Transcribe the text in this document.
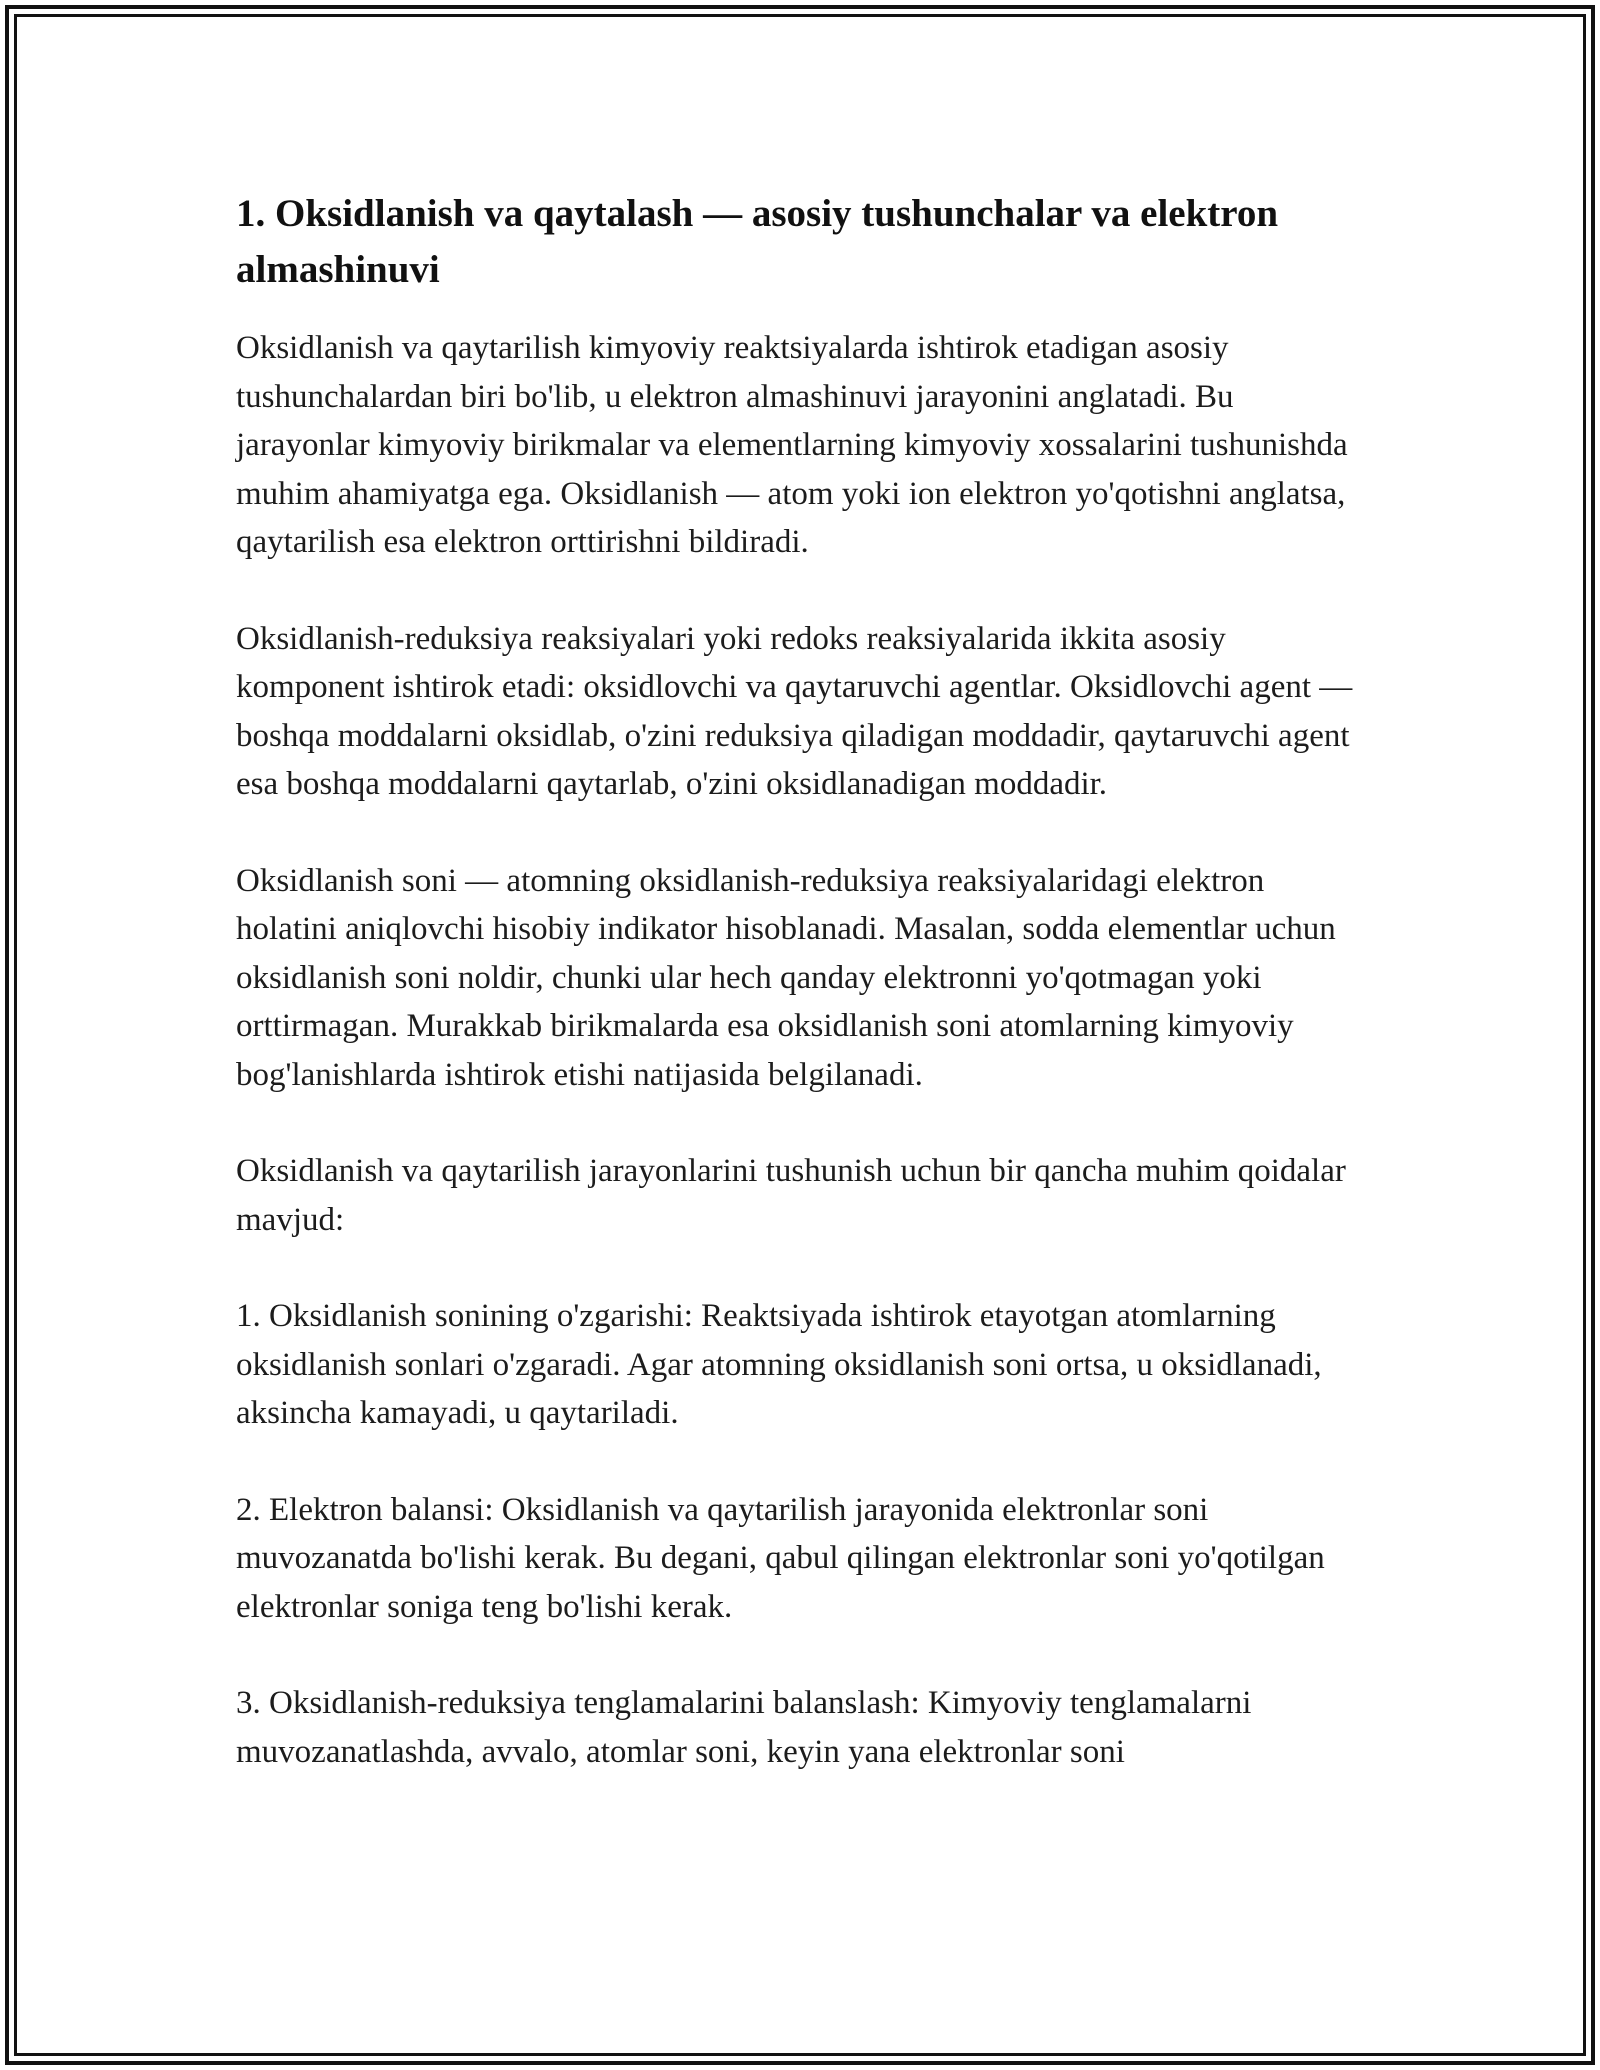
1. Oksidlanish va qaytalash — asosiy tushunchalar va elektron almashinuvi

Oksidlanish va qaytarilish kimyoviy reaktsiyalarda ishtirok etadigan asosiy tushunchalardan biri bo'lib, u elektron almashinuvi jarayonini anglatadi. Bu jarayonlar kimyoviy birikmalar va elementlarning kimyoviy xossalarini tushunishda muhim ahamiyatga ega. Oksidlanish — atom yoki ion elektron yo'qotishni anglatsa, qaytarilish esa elektron orttirishni bildiradi.

Oksidlanish-reduksiya reaksiyalari yoki redoks reaksiyalarida ikkita asosiy komponent ishtirok etadi: oksidlovchi va qaytaruvchi agentlar. Oksidlovchi agent — boshqa moddalarni oksidlab, o'zini reduksiya qiladigan moddadir, qaytaruvchi agent esa boshqa moddalarni qaytarlab, o'zini oksidlanadigan moddadir.

Oksidlanish soni — atomning oksidlanish-reduksiya reaksiyalaridagi elektron holatini aniqlovchi hisobiy indikator hisoblanadi. Masalan, sodda elementlar uchun oksidlanish soni noldir, chunki ular hech qanday elektronni yo'qotmagan yoki orttirmagan. Murakkab birikmalarda esa oksidlanish soni atomlarning kimyoviy bog'lanishlarda ishtirok etishi natijasida belgilanadi.

Oksidlanish va qaytarilish jarayonlarini tushunish uchun bir qancha muhim qoidalar mavjud:

1. Oksidlanish sonining o'zgarishi: Reaktsiyada ishtirok etayotgan atomlarning oksidlanish sonlari o'zgaradi. Agar atomning oksidlanish soni ortsa, u oksidlanadi, aksincha kamayadi, u qaytariladi.

2. Elektron balansi: Oksidlanish va qaytarilish jarayonida elektronlar soni muvozanatda bo'lishi kerak. Bu degani, qabul qilingan elektronlar soni yo'qotilgan elektronlar soniga teng bo'lishi kerak.

3. Oksidlanish-reduksiya tenglamalarini balanslash: Kimyoviy tenglamalarni muvozanatlashda, avvalo, atomlar soni, keyin yana elektronlar soni
